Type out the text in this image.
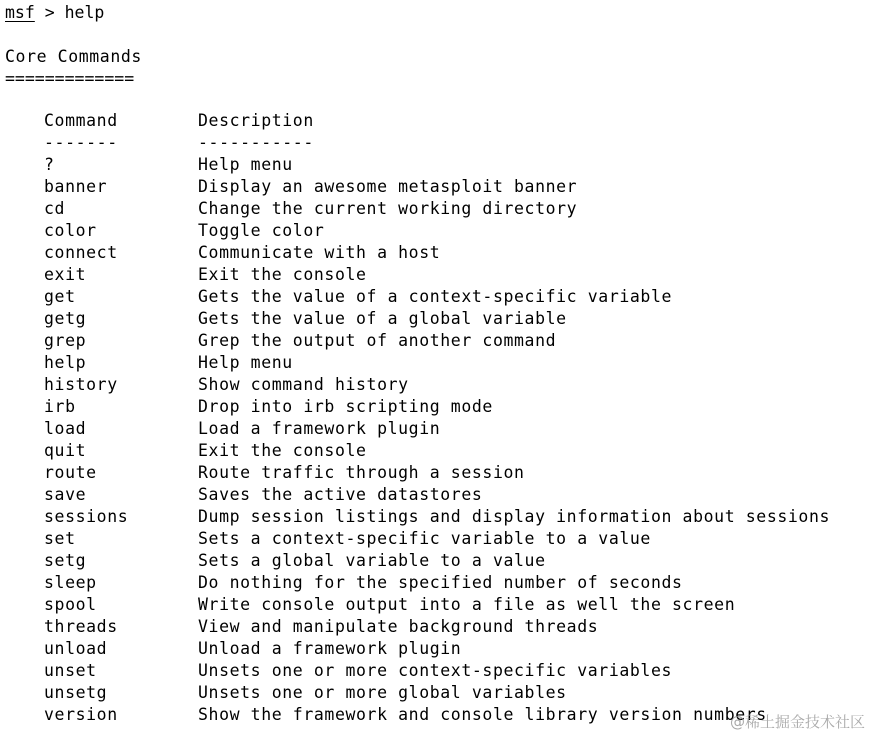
msf > help
Core Commands
=============
Command	Description
-------	-----------
?	Help menu
banner	Display an awesome metasploit banner
cd	Change the current working directory
color	Toggle color
connect	Communicate with a host
exit	Exit the console
get	Gets the value of a context-specific variable
getg	Gets the value of a global variable
grep	Grep the output of another command
help	Help menu
history	Show command history
irb	Drop into irb scripting mode
load	Load a framework plugin
quit	Exit the console
route	Route traffic through a session
save	Saves the active datastores
sessions	Dump session listings and display information about sessions
set	Sets a context-specific variable to a value
setg	Sets a global variable to a value
sleep	Do nothing for the specified number of seconds
spool	Write console output into a file as well the screen
threads	View and manipulate background threads
unload	Unload a framework plugin
unset	Unsets one or more context-specific variables
unsetg	Unsets one or more global variables
version	Show the framework and console library version numbers
@稀土掘金技术社区
